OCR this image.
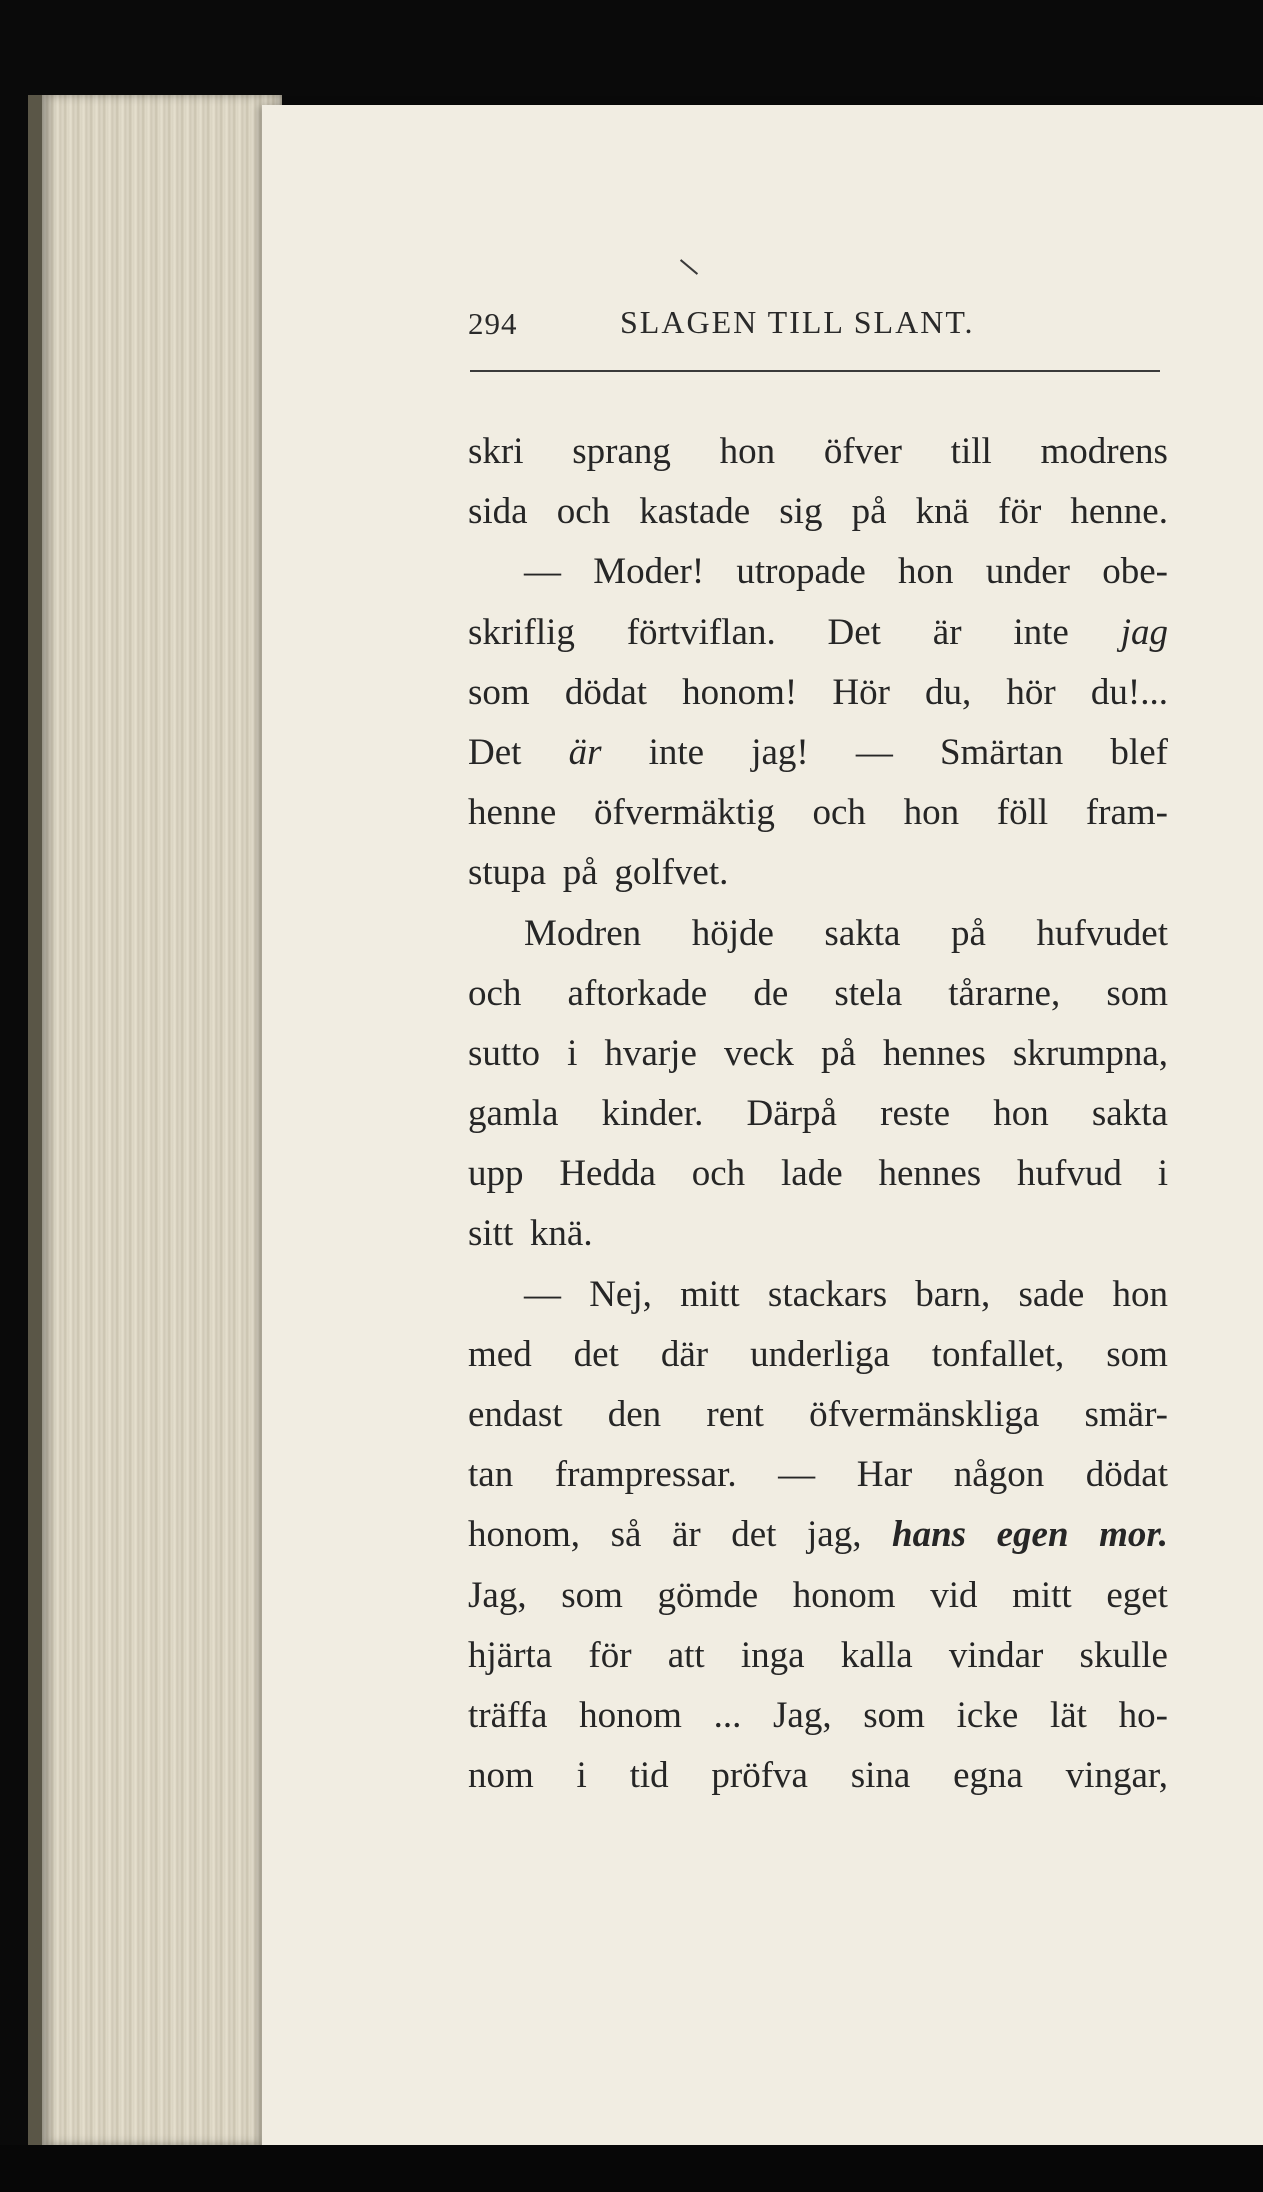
294	SLAGEN TILL SLANT.
skri sprang hon öfver till modrens
sida och kastade sig på knä för henne.
— Moder! utropade hon under obe-
skriflig förtviflan. Det är inte jag
som dödat honom! Hör du, hör du!...
Det är inte jag! — Smärtan blef
henne öfvermäktig och hon föll fram-
stupa på golfvet.
Modren höjde sakta på hufvudet
och aftorkade de stela tårarne, som
sutto i hvarje veck på hennes skrumpna,
gamla kinder. Därpå reste hon sakta
upp Hedda och lade hennes hufvud i
sitt knä.
— Nej, mitt stackars barn, sade hon
med det där underliga tonfallet, som
endast den rent öfvermänskliga smär-
tan frampressar. — Har någon dödat
honom, så är det jag, hans egen mor.
Jag, som gömde honom vid mitt eget
hjärta för att inga kalla vindar skulle
träffa honom ... Jag, som icke lät ho-
nom i tid pröfva sina egna vingar,
